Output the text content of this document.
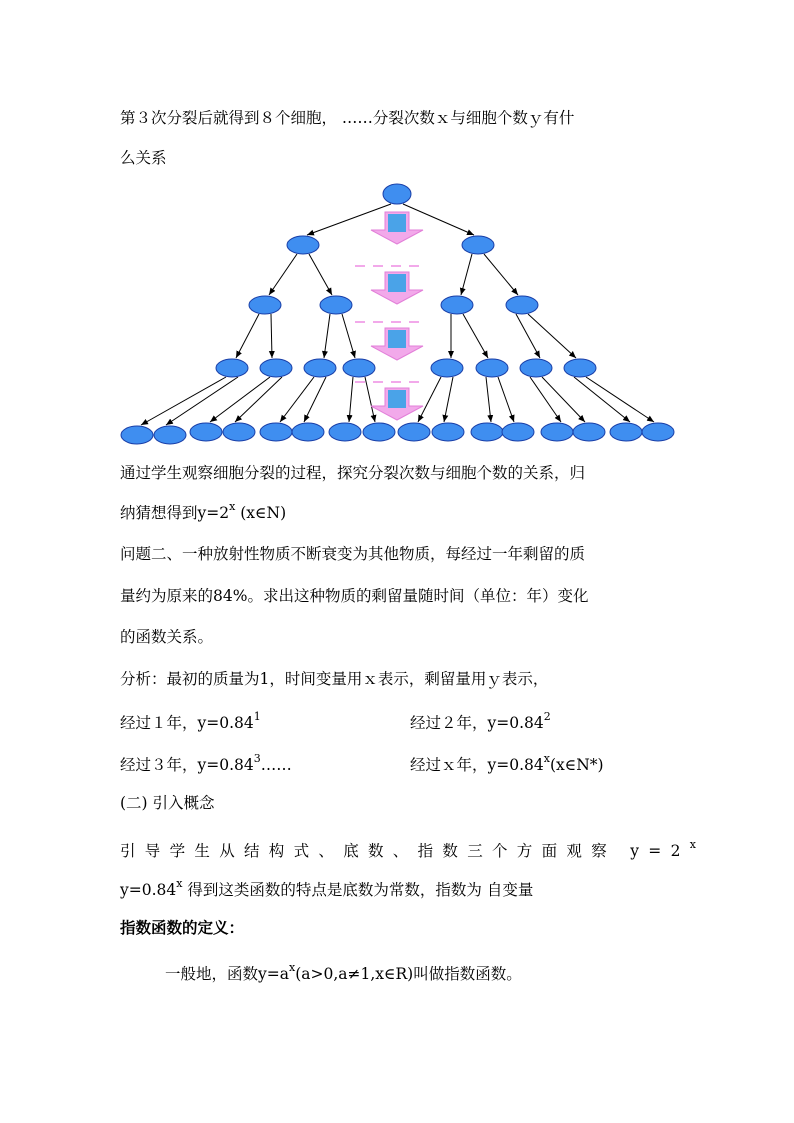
第３次分裂后就得到８个细胞， ……分裂次数ｘ与细胞个数ｙ有什
么关系
通过学生观察细胞分裂的过程，探究分裂次数与细胞个数的关系，归
纳猜想得到$y=2^x$ (x∈N)
问题二、一种放射性物质不断衰变为其他物质，每经过一年剩留的质
量约为原来的84%。求出这种物质的剩留量随时间（单位：年）变化
的函数关系。
分析：最初的质量为1，时间变量用ｘ表示，剩留量用ｙ表示，
经过１年，$y=0.84^1$	经过２年，$y=0.84^2$
经过３年，$y=0.84^3\dots\dots$	经过ｘ年，$y=0.84^x(x\in N*)$
(二) 引入概念
引导学生从结构式、底数、指数三个方面观察 $y=2^x$
$y=0.84^x$ 得到这类函数的特点是底数为常数，指数为 自变量
指数函数的定义：
一般地，函数$y=a^x(a>0,a\ne 1,x\in R)$叫做指数函数。
